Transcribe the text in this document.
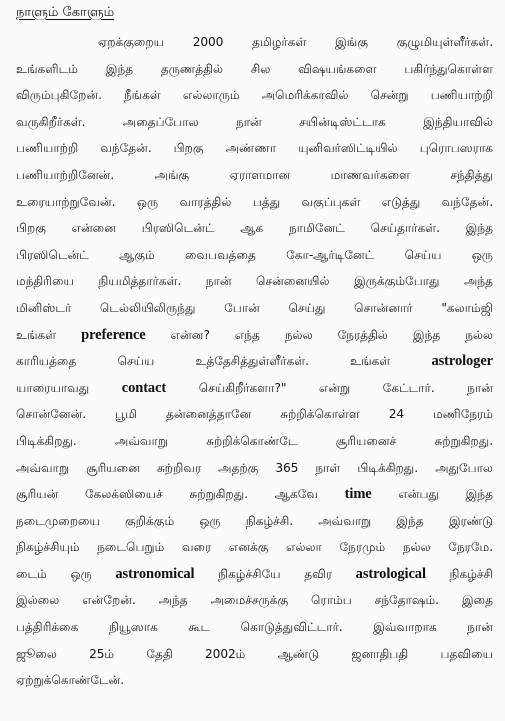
நாளும் கோளும்
ஏறக்குறைய 2000 தமிழர்கள் இங்கு குழுமியுள்ளீர்கள்.
உங்களிடம் இந்த தருணத்தில் சில விஷயங்களை பகிர்ந்துகொள்ள
விரும்புகிறேன். நீங்கள் எல்லாரும் அமெரிக்காவில் சென்று பணியாற்றி
வருகிறீர்கள். அதைப்போல நான் சயின்டிஸ்ட்டாக இந்தியாவில்
பணியாற்றி வந்தேன். பிறகு அண்ணா யுனிவர்ஸிட்டியில் புரொபஸராக
பணியாற்றினேன். அங்கு ஏராளமான மாணவர்களை சந்தித்து
உரையாற்றுவேன். ஒரு வாரத்தில் பத்து வகுப்புகள் எடுத்து வந்தேன்.
பிறகு என்னை பிரஸிடென்ட் ஆக நாமினேட் செய்தார்கள். இந்த
பிரஸிடென்ட் ஆகும் வைபவத்தை கோ-ஆர்டினேட் செய்ய ஒரு
மந்திரியை நியமித்தார்கள். நான் சென்னையில் இருக்கும்போது அந்த
மினிஸ்டர் டெல்லியிலிருந்து போன் செய்து சொன்னார் "கலாம்ஜி
உங்கள் preference என்ன? எந்த நல்ல நேரத்தில் இந்த நல்ல
காரியத்தை செய்ய உத்தேசித்துள்ளீர்கள். உங்கள் astrologer
யாரையாவது contact செய்கிறீர்களா?" என்று கேட்டார். நான்
சொன்னேன். பூமி தன்னைத்தானே சுற்றிக்கொள்ள 24 மணிநேரம்
பிடிக்கிறது. அவ்வாறு சுற்றிக்கொண்டே சூரியனைச் சுற்றுகிறது.
அவ்வாறு சூரியனை சுற்றிவர அதற்கு 365 நாள் பிடிக்கிறது. அதுபோல
சூரியன் கேலக்ஸியைச் சுற்றுகிறது. ஆகவே time என்பது இந்த
நடைமுறையை குறிக்கும் ஒரு நிகழ்ச்சி. அவ்வாறு இந்த இரண்டு
நிகழ்ச்சியும் நடைபெறும் வரை எனக்கு எல்லா நேரமும் நல்ல நேரமே.
டைம் ஒரு astronomical நிகழ்ச்சியே தவிர astrological நிகழ்ச்சி
இல்லை என்றேன். அந்த அமைச்சருக்கு ரொம்ப சந்தோஷம். இதை
பத்திரிக்கை நியூஸாக கூட கொடுத்துவிட்டார். இவ்வாறாக நான்
ஜூலை 25ம் தேதி 2002ம் ஆண்டு ஜனாதிபதி பதவியை
ஏற்றுக்கொண்டேன்.
